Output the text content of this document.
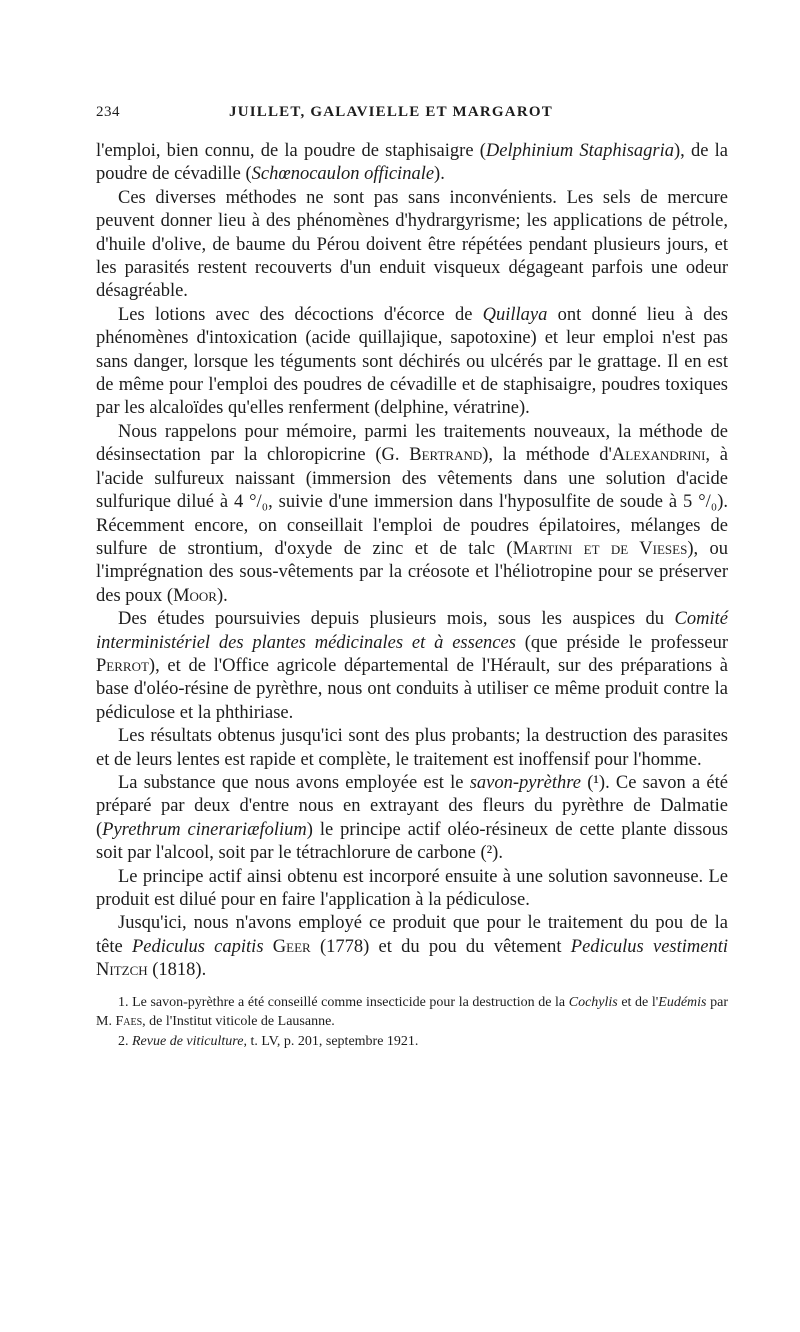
234	JUILLET, GALAVIELLE ET MARGAROT

l'emploi, bien connu, de la poudre de staphisaigre (Delphinium Staphisagria), de la poudre de cévadille (Schœnocaulon officinale).

Ces diverses méthodes ne sont pas sans inconvénients. Les sels de mercure peuvent donner lieu à des phénomènes d'hydrargyrisme; les applications de pétrole, d'huile d'olive, de baume du Pérou doivent être répétées pendant plusieurs jours, et les parasités restent recouverts d'un enduit visqueux dégageant parfois une odeur désagréable.

Les lotions avec des décoctions d'écorce de Quillaya ont donné lieu à des phénomènes d'intoxication (acide quillajique, sapotoxine) et leur emploi n'est pas sans danger, lorsque les téguments sont déchirés ou ulcérés par le grattage. Il en est de même pour l'emploi des poudres de cévadille et de staphisaigre, poudres toxiques par les alcaloïdes qu'elles renferment (delphine, vératrine).

Nous rappelons pour mémoire, parmi les traitements nouveaux, la méthode de désinsectation par la chloropicrine (G. Bertrand), la méthode d'Alexandrini, à l'acide sulfureux naissant (immersion des vêtements dans une solution d'acide sulfurique dilué à 4 °/₀, suivie d'une immersion dans l'hyposulfite de soude à 5 °/₀). Récemment encore, on conseillait l'emploi de poudres épilatoires, mélanges de sulfure de strontium, d'oxyde de zinc et de talc (Martini et de Vieses), ou l'imprégnation des sous-vêtements par la créosote et l'héliotropine pour se préserver des poux (Moor).

Des études poursuivies depuis plusieurs mois, sous les auspices du Comité interministériel des plantes médicinales et à essences (que préside le professeur Perrot), et de l'Office agricole départemental de l'Hérault, sur des préparations à base d'oléo-résine de pyrèthre, nous ont conduits à utiliser ce même produit contre la pédiculose et la phthiriase.

Les résultats obtenus jusqu'ici sont des plus probants; la destruction des parasites et de leurs lentes est rapide et complète, le traitement est inoffensif pour l'homme.

La substance que nous avons employée est le savon-pyrèthre (¹). Ce savon a été préparé par deux d'entre nous en extrayant des fleurs du pyrèthre de Dalmatie (Pyrethrum cinerariæfolium) le principe actif oléo-résineux de cette plante dissous soit par l'alcool, soit par le tétrachlorure de carbone (²).

Le principe actif ainsi obtenu est incorporé ensuite à une solution savonneuse. Le produit est dilué pour en faire l'application à la pédiculose.

Jusqu'ici, nous n'avons employé ce produit que pour le traitement du pou de la tête Pediculus capitis Geer (1778) et du pou du vêtement Pediculus vestimenti Nitzch (1818).

1. Le savon-pyrèthre a été conseillé comme insecticide pour la destruction de la Cochylis et de l'Eudémis par M. Faes, de l'Institut viticole de Lausanne.

2. Revue de viticulture, t. LV, p. 201, septembre 1921.
